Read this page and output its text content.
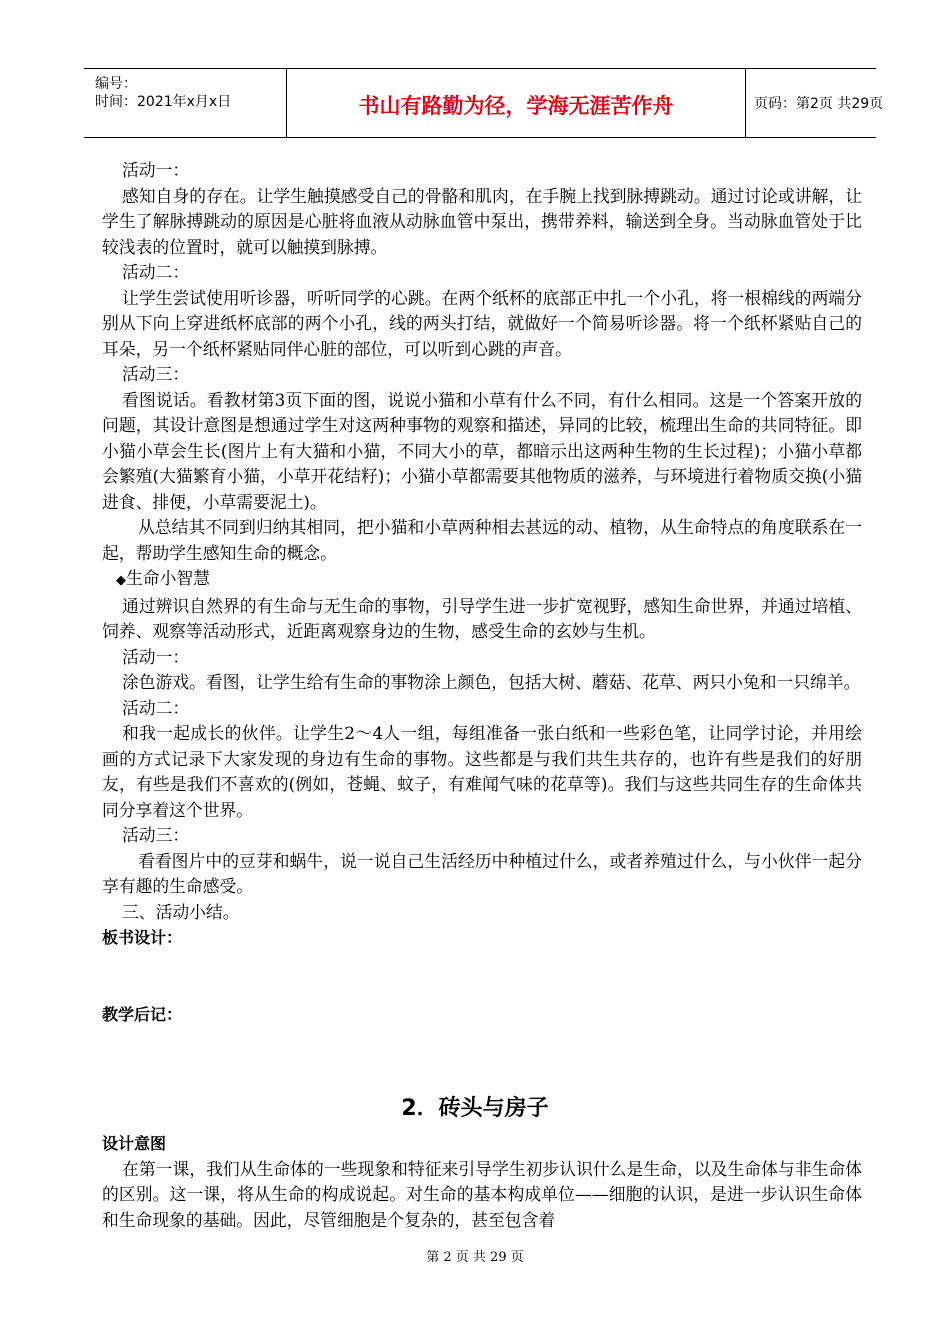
编号：
时间：2021年x月x日	书山有路勤为径，学海无涯苦作舟	页码：第2页 共29页

活动一：

感知自身的存在。让学生触摸感受自己的骨骼和肌肉，在手腕上找到脉搏跳动。通过讨论或讲解，让学生了解脉搏跳动的原因是心脏将血液从动脉血管中泵出，携带养料，输送到全身。当动脉血管处于比较浅表的位置时，就可以触摸到脉搏。

活动二：

让学生尝试使用听诊器，听听同学的心跳。在两个纸杯的底部正中扎一个小孔，将一根棉线的两端分别从下向上穿进纸杯底部的两个小孔，线的两头打结，就做好一个简易听诊器。将一个纸杯紧贴自己的耳朵，另一个纸杯紧贴同伴心脏的部位，可以听到心跳的声音。

活动三：

看图说话。看教材第3页下面的图，说说小猫和小草有什么不同，有什么相同。这是一个答案开放的问题，其设计意图是想通过学生对这两种事物的观察和描述，异同的比较，梳理出生命的共同特征。即小猫小草会生长(图片上有大猫和小猫，不同大小的草，都暗示出这两种生物的生长过程)；小猫小草都会繁殖(大猫繁育小猫，小草开花结籽)；小猫小草都需要其他物质的滋养，与环境进行着物质交换(小猫进食、排便，小草需要泥土)。

从总结其不同到归纳其相同，把小猫和小草两种相去甚远的动、植物，从生命特点的角度联系在一起，帮助学生感知生命的概念。

◆生命小智慧

通过辨识自然界的有生命与无生命的事物，引导学生进一步扩宽视野，感知生命世界，并通过培植、饲养、观察等活动形式，近距离观察身边的生物，感受生命的玄妙与生机。

活动一：

涂色游戏。看图，让学生给有生命的事物涂上颜色，包括大树、蘑菇、花草、两只小兔和一只绵羊。

活动二：

和我一起成长的伙伴。让学生2～4人一组，每组准备一张白纸和一些彩色笔，让同学讨论，并用绘画的方式记录下大家发现的身边有生命的事物。这些都是与我们共生共存的，也许有些是我们的好朋友，有些是我们不喜欢的(例如，苍蝇、蚊子，有难闻气味的花草等)。我们与这些共同生存的生命体共同分享着这个世界。

活动三：

看看图片中的豆芽和蜗牛，说一说自己生活经历中种植过什么，或者养殖过什么，与小伙伴一起分享有趣的生命感受。

三、活动小结。

板书设计：

教学后记：

2．砖头与房子

设计意图

在第一课，我们从生命体的一些现象和特征来引导学生初步认识什么是生命，以及生命体与非生命体的区别。这一课，将从生命的构成说起。对生命的基本构成单位——细胞的认识，是进一步认识生命体和生命现象的基础。因此，尽管细胞是个复杂的，甚至包含着

第 2 页 共 29 页
